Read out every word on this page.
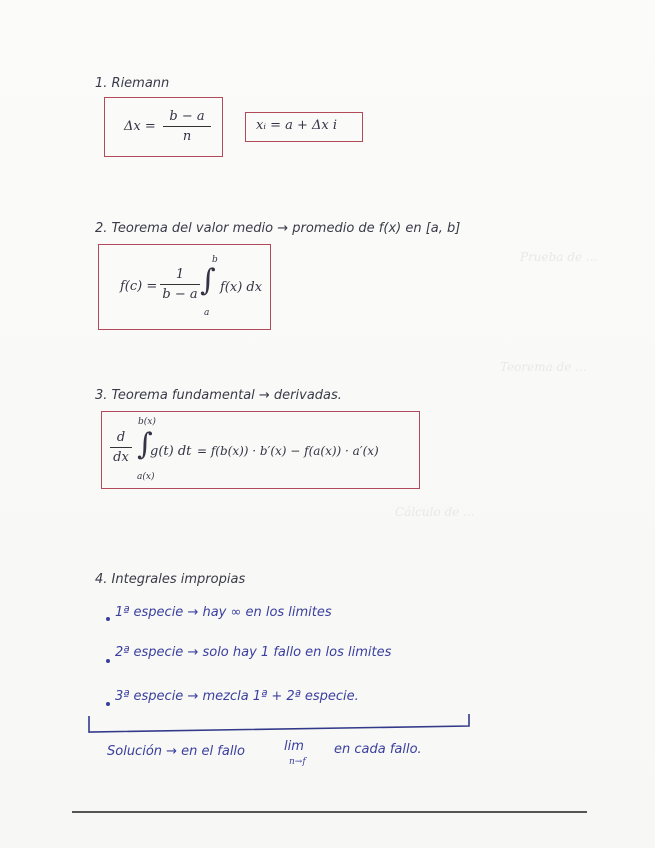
Prueba de ...
Teorema de ...
Cálculo de ...
1. Riemann
Δx =
b − a
n
xᵢ = a + Δx i
2. Teorema del valor medio → promedio de f(x) en [a, b]
f(c) =
1
b − a ∫
b
a
f(x) dx
3. Teorema fundamental → derivadas.
d
dx ∫
b(x)
a(x)
g(t) dt = f(b(x)) · b′(x) − f(a(x)) · a′(x)
4. Integrales impropias
1ª especie → hay ∞ en los limites
2ª especie → solo hay 1 fallo en los limites
3ª especie → mezcla 1ª + 2ª especie.
Solución → en el fallo	lim
n→f
en cada fallo.
